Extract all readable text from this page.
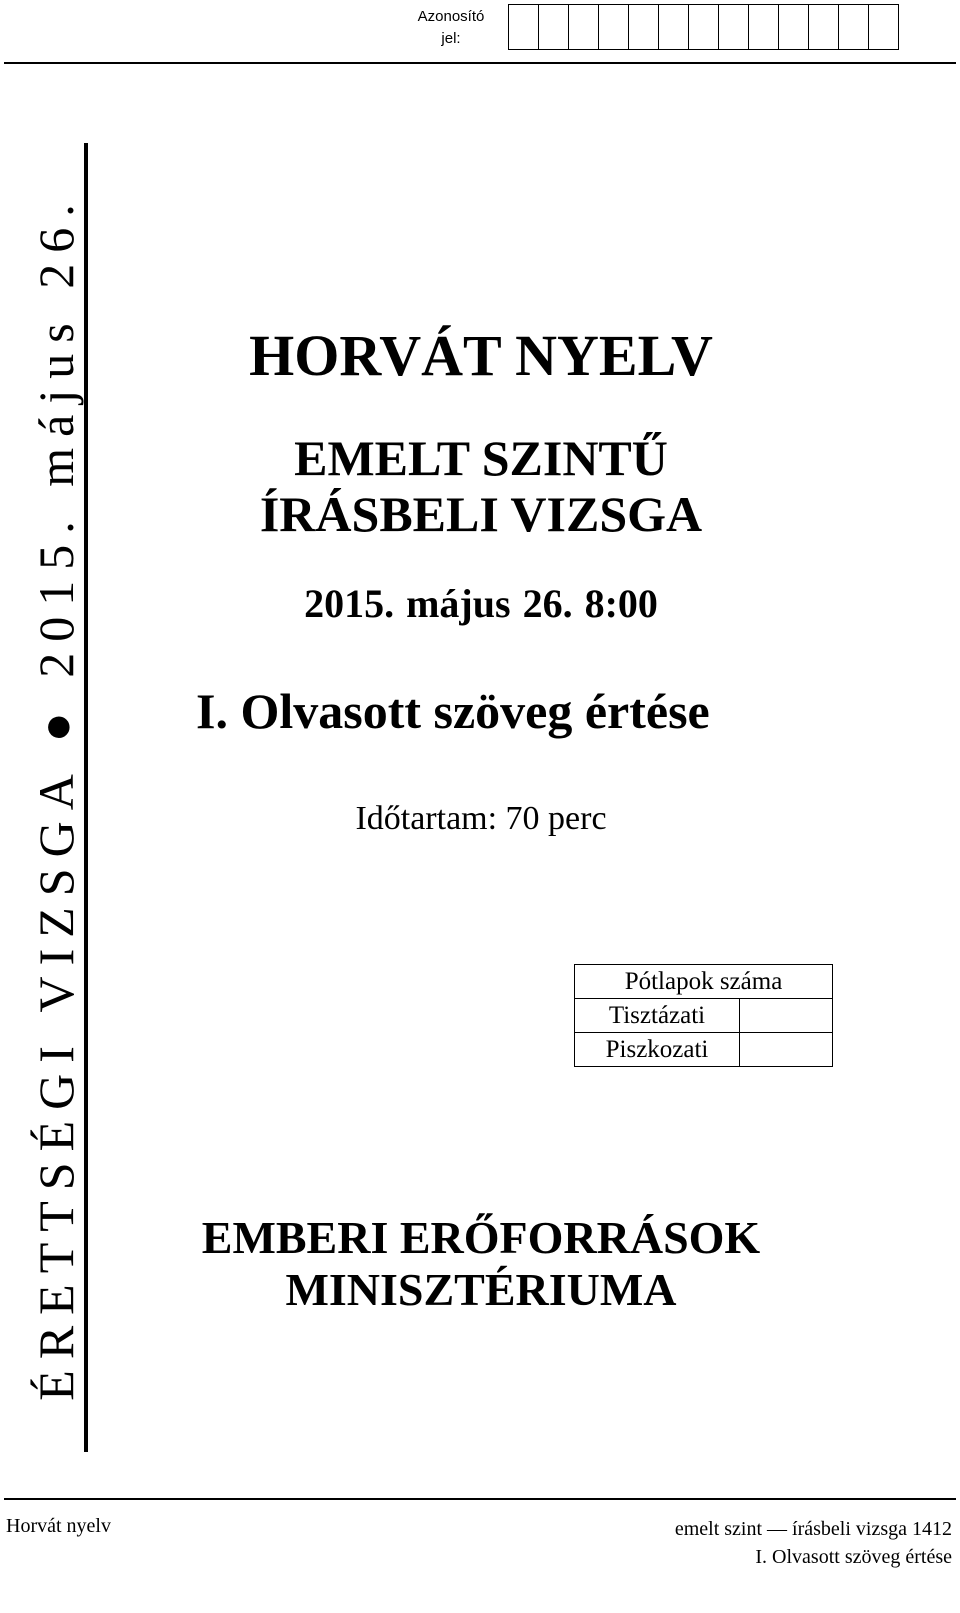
Azonosító
jel:
ÉRETTSÉGI VIZSGA ● 2015. május 26.	HORVÁT NYELV
EMELT SZINTŰ
ÍRÁSBELI VIZSGA
2015. május 26. 8:00
I. Olvasott szöveg értése
Időtartam: 70 perc
Pótlapok száma	
Tisztázati	
Piszkozati	
EMBERI ERŐFORRÁSOK
MINISZTÉRIUMA
Horvát nyelv	emelt szint — írásbeli vizsga 1412
I. Olvasott szöveg értése
